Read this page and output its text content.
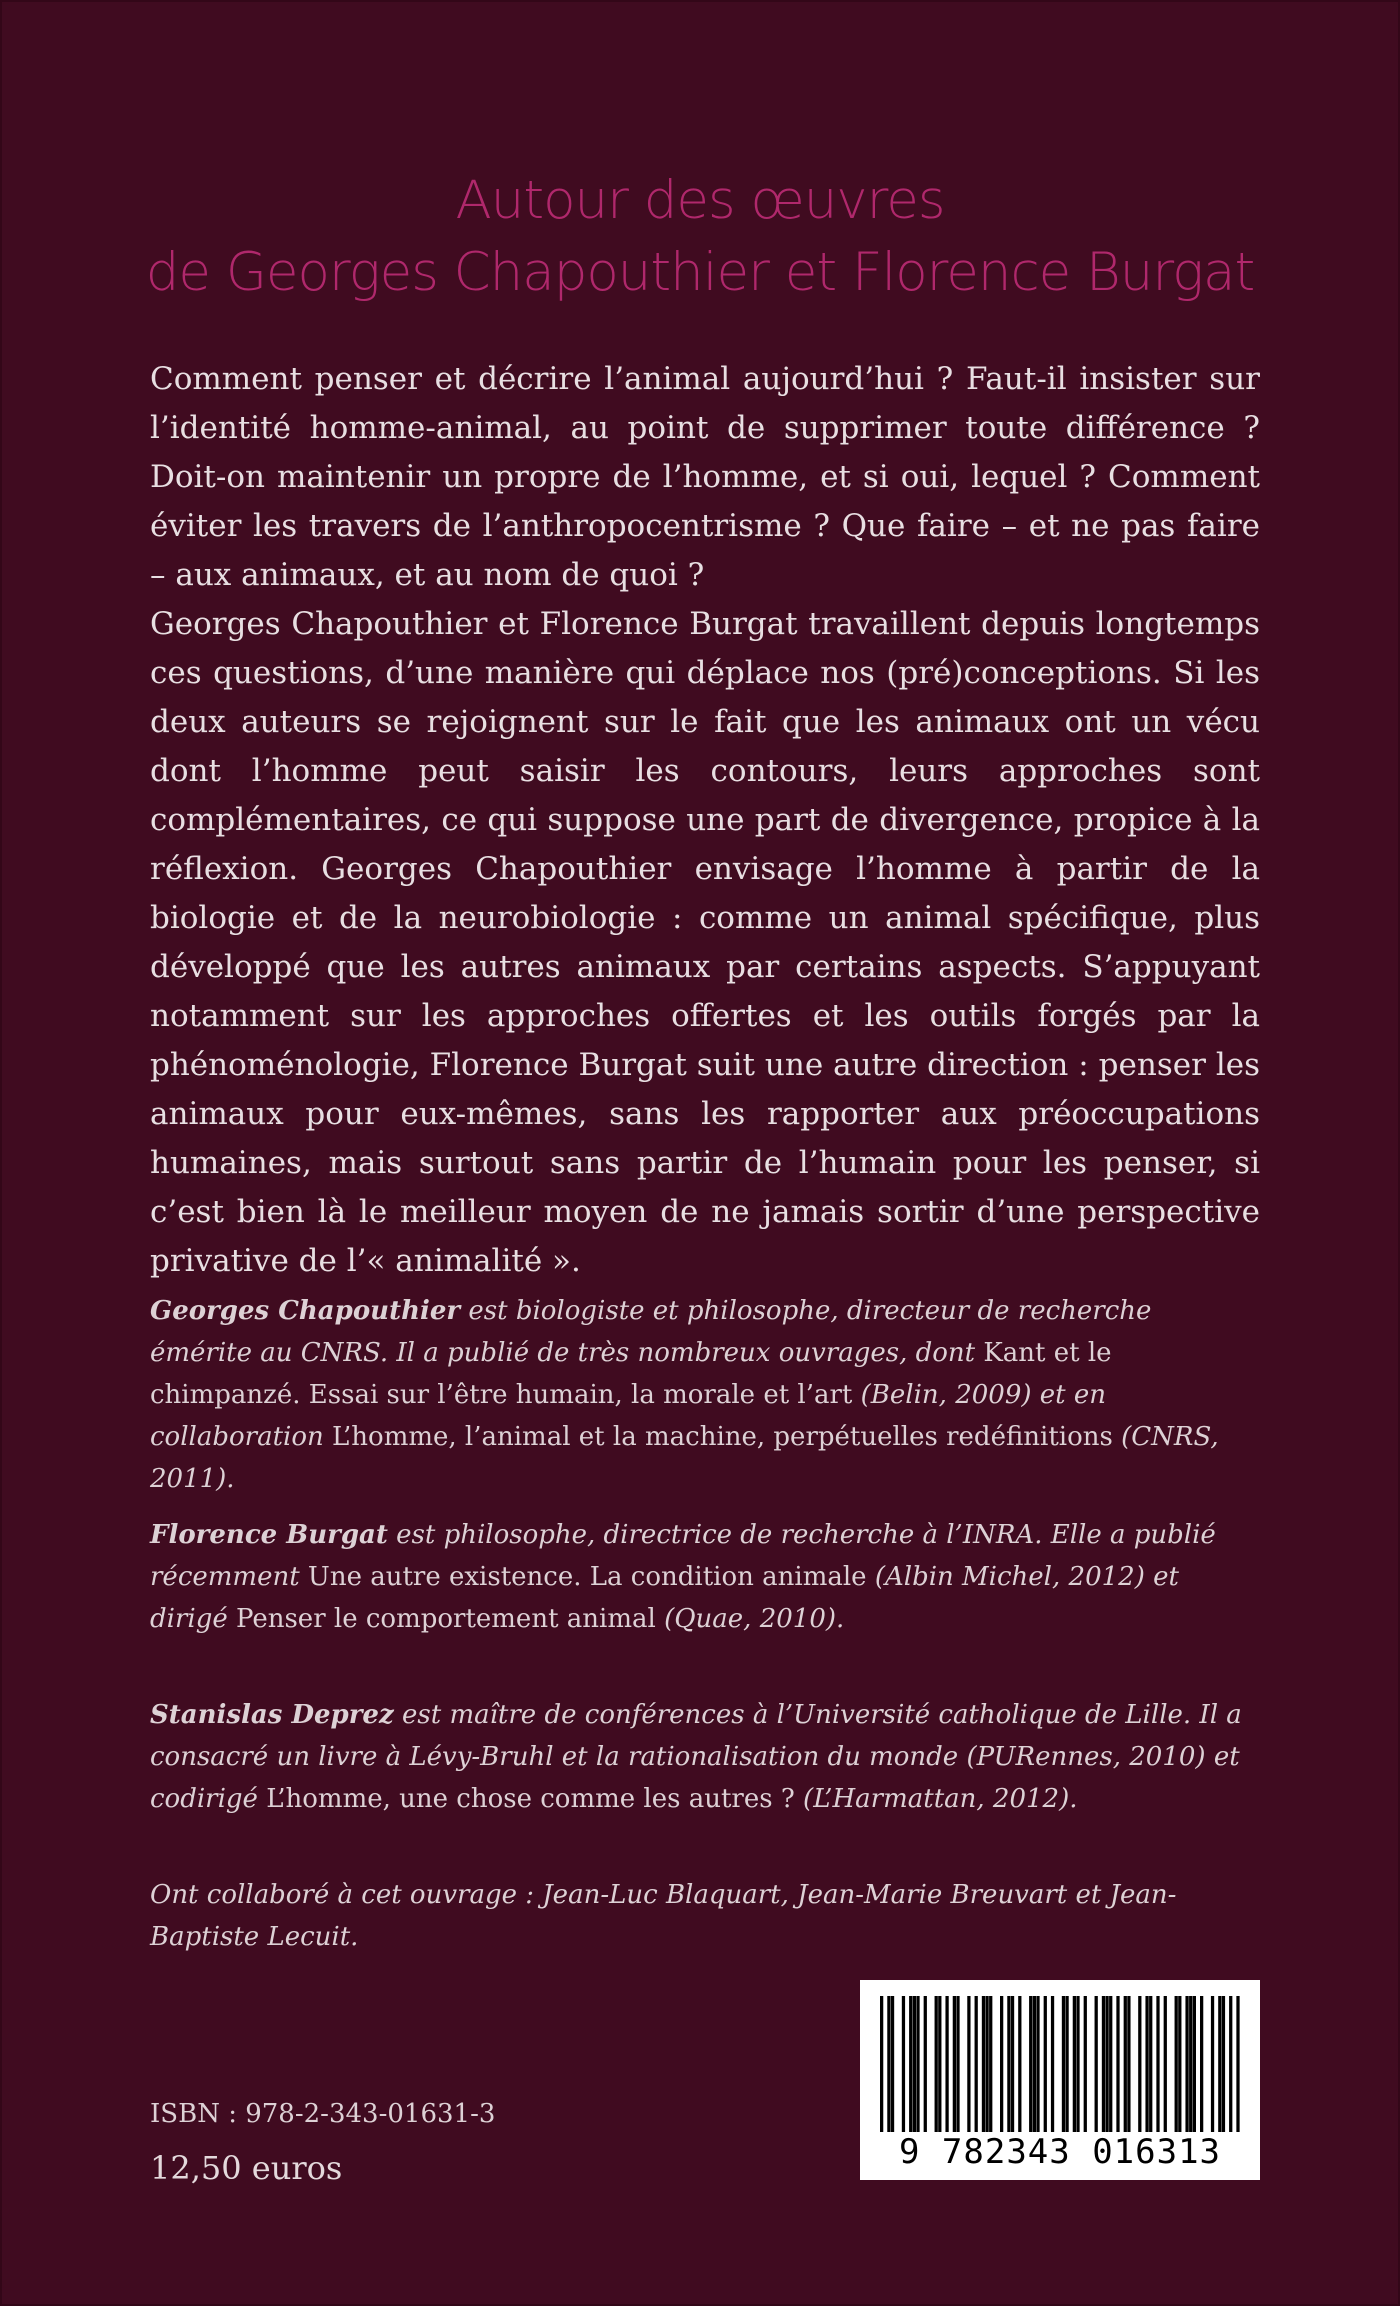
Autour des œuvres
de Georges Chapouthier et Florence Burgat

Comment penser et décrire l’animal aujourd’hui ? Faut-il insister sur l’identité homme-animal, au point de supprimer toute différence ? Doit-on maintenir un propre de l’homme, et si oui, lequel ? Comment éviter les travers de l’anthropocentrisme ? Que faire – et ne pas faire – aux animaux, et au nom de quoi ?

Georges Chapouthier et Florence Burgat travaillent depuis longtemps ces questions, d’une manière qui déplace nos (pré)conceptions. Si les deux auteurs se rejoignent sur le fait que les animaux ont un vécu dont l’homme peut saisir les contours, leurs approches sont complémentaires, ce qui suppose une part de divergence, propice à la réflexion. Georges Chapouthier envisage l’homme à partir de la biologie et de la neurobiologie : comme un animal spécifique, plus développé que les autres animaux par certains aspects. S’appuyant notamment sur les approches offertes et les outils forgés par la phénoménologie, Florence Burgat suit une autre direction : penser les animaux pour eux-mêmes, sans les rapporter aux préoccupations humaines, mais surtout sans partir de l’humain pour les penser, si c’est bien là le meilleur moyen de ne jamais sortir d’une perspective privative de l’« animalité ».

Georges Chapouthier est biologiste et philosophe, directeur de recherche émérite au CNRS. Il a publié de très nombreux ouvrages, dont Kant et le chimpanzé. Essai sur l’être humain, la morale et l’art (Belin, 2009) et en collaboration L’homme, l’animal et la machine, perpétuelles redéfinitions (CNRS, 2011).
Florence Burgat est philosophe, directrice de recherche à l’INRA. Elle a publié récemment Une autre existence. La condition animale (Albin Michel, 2012) et dirigé Penser le comportement animal (Quae, 2010).
Stanislas Deprez est maître de conférences à l’Université catholique de Lille. Il a consacré un livre à Lévy-Bruhl et la rationalisation du monde (PURennes, 2010) et codirigé L’homme, une chose comme les autres ? (L’Harmattan, 2012).
Ont collaboré à cet ouvrage : Jean-Luc Blaquart, Jean-Marie Breuvart et Jean-Baptiste Lecuit.
ISBN : 978-2-343-01631-3
12,50 euros	9 782343 016313
